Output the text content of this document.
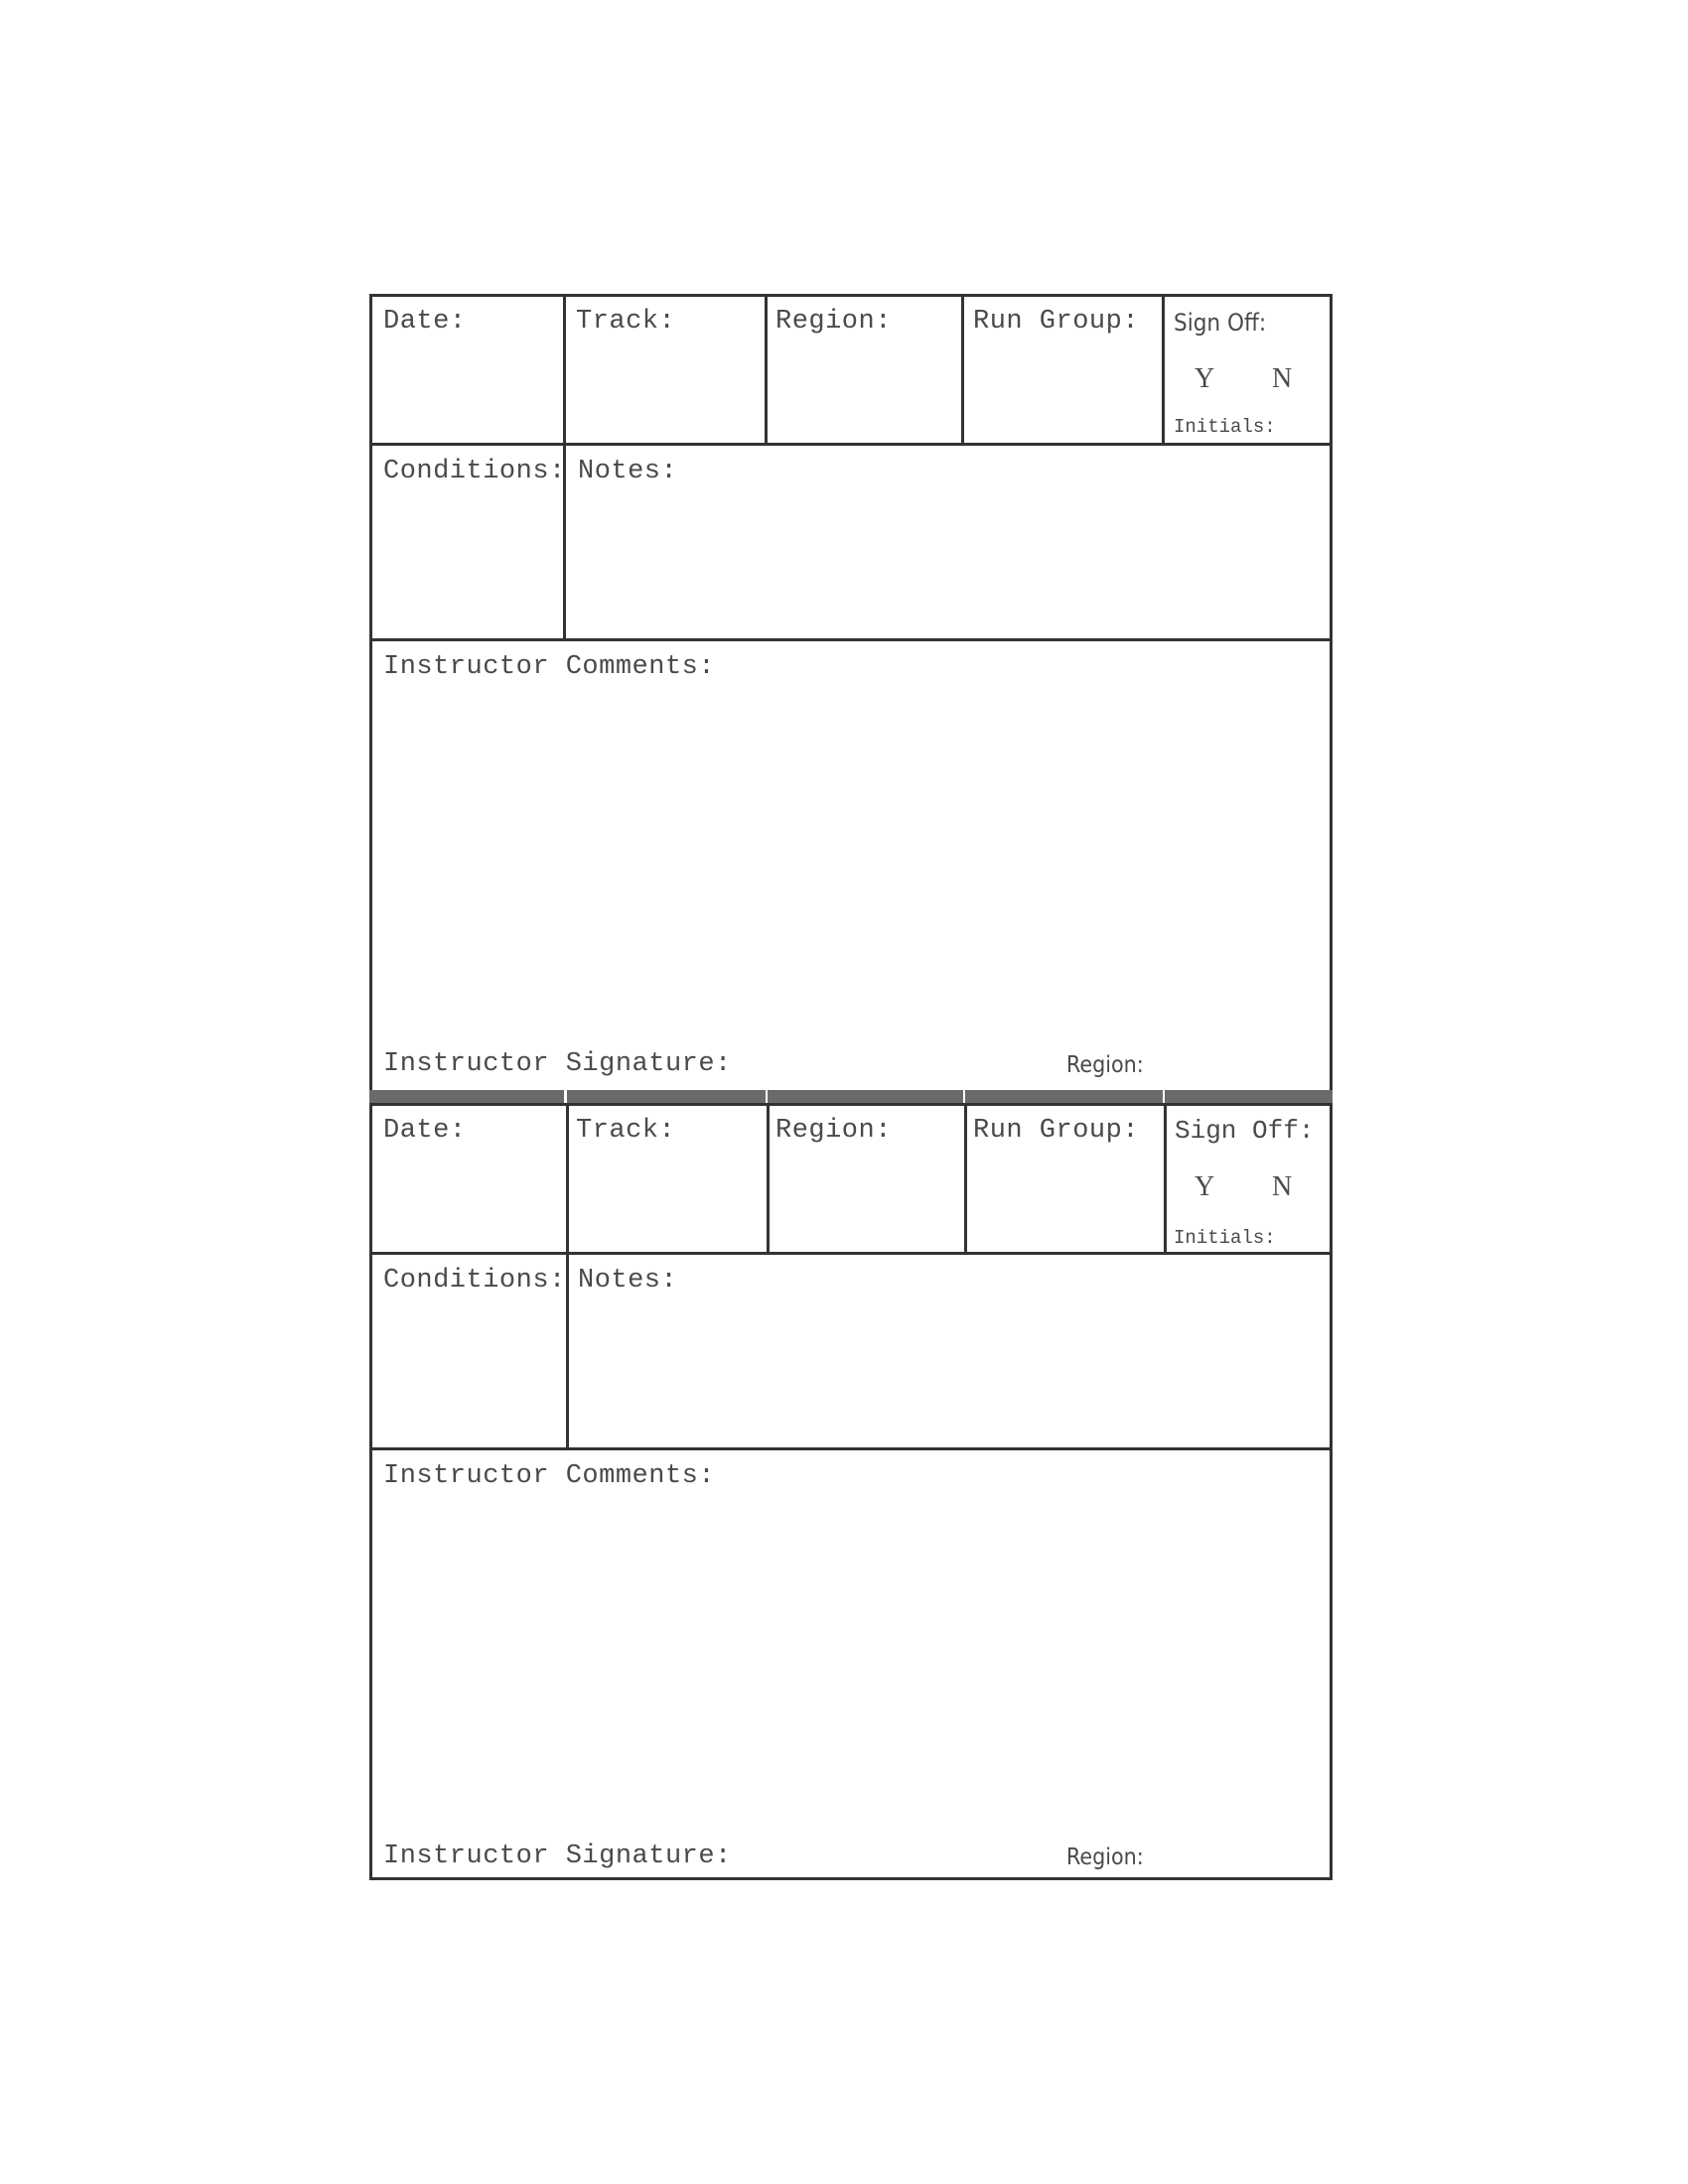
Date:	Track:	Region:	Run Group: Sign Off:
Y N
Initials:
Conditions: Notes:
Instructor Comments:
Instructor Signature:	Region:
Date:	Track:	Region:	Run Group: Sign Off:
Y N
Initials:
Conditions: Notes:
Instructor Comments:
Instructor Signature:	Region:
